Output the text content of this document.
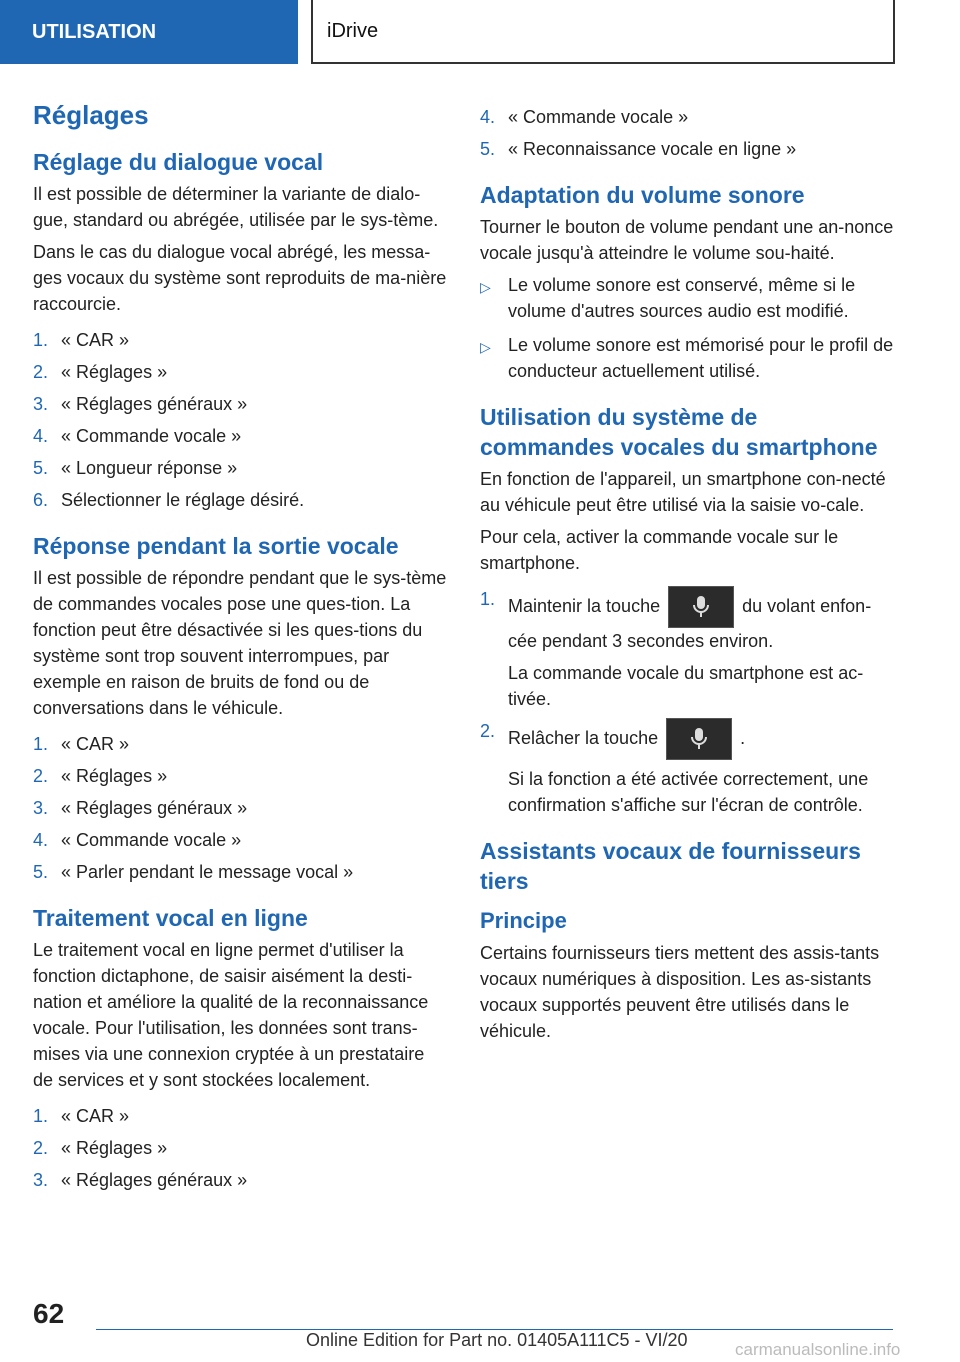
UTILISATION	iDrive
Réglages
Réglage du dialogue vocal

Il est possible de déterminer la variante de dialo-gue, standard ou abrégée, utilisée par le sys-tème.

Dans le cas du dialogue vocal abrégé, les messa-ges vocaux du système sont reproduits de ma-nière raccourcie.

1. « CAR »
2. « Réglages »
3. « Réglages généraux »
4. « Commande vocale »
5. « Longueur réponse »
6. Sélectionner le réglage désiré.
Réponse pendant la sortie vocale

Il est possible de répondre pendant que le sys-tème de commandes vocales pose une ques-tion. La fonction peut être désactivée si les ques-tions du système sont trop souvent interrompues, par exemple en raison de bruits de fond ou de conversations dans le véhicule.

1. « CAR »
2. « Réglages »
3. « Réglages généraux »
4. « Commande vocale »
5. « Parler pendant le message vocal »
Traitement vocal en ligne

Le traitement vocal en ligne permet d'utiliser la fonction dictaphone, de saisir aisément la desti-nation et améliore la qualité de la reconnaissance vocale. Pour l'utilisation, les données sont trans-mises via une connexion cryptée à un prestataire de services et y sont stockées localement.

1. « CAR »
2. « Réglages »
3. « Réglages généraux »
4. « Commande vocale »
5. « Reconnaissance vocale en ligne »
Adaptation du volume sonore

Tourner le bouton de volume pendant une an-nonce vocale jusqu'à atteindre le volume sou-haité.

▷ Le volume sonore est conservé, même si le volume d'autres sources audio est modifié.
▷ Le volume sonore est mémorisé pour le profil de conducteur actuellement utilisé.
Utilisation du système de commandes vocales du smartphone

En fonction de l'appareil, un smartphone con-necté au véhicule peut être utilisé via la saisie vo-cale.

Pour cela, activer la commande vocale sur le smartphone.

1. Maintenir la touche	du volant enfon-cée pendant 3 secondes environ.

La commande vocale du smartphone est ac-tivée.

2. Relâcher la touche	.

Si la fonction a été activée correctement, une confirmation s'affiche sur l'écran de contrôle.

Assistants vocaux de fournisseurs tiers
Principe

Certains fournisseurs tiers mettent des assis-tants vocaux numériques à disposition. Les as-sistants vocaux supportés peuvent être utilisés dans le véhicule.

62
Online Edition for Part no. 01405A111C5 - VI/20	carmanualsonline.info
